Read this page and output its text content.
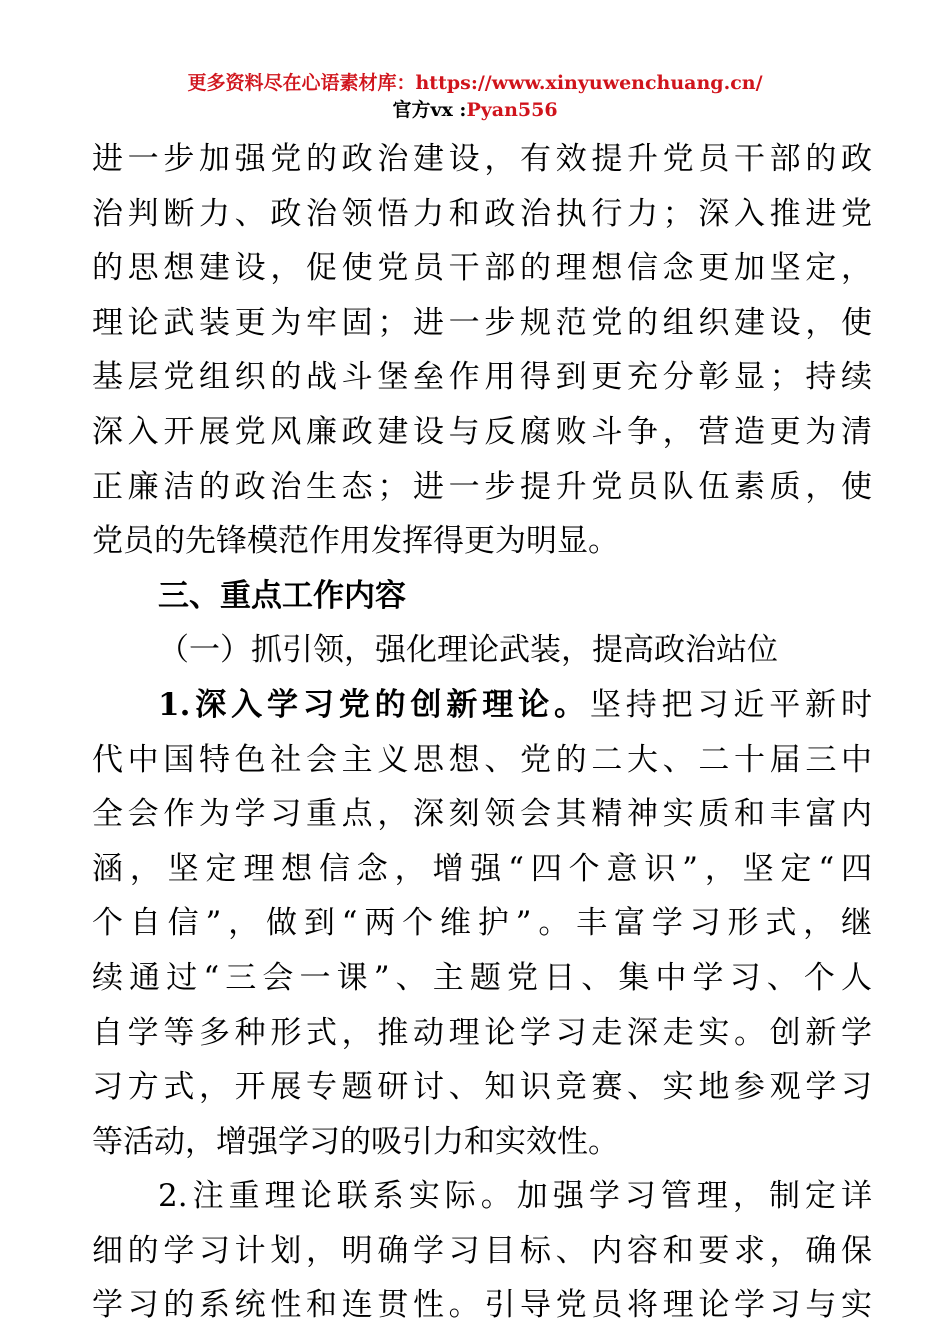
更多资料尽在心语素材库：https://www.xinyuwenchuang.cn/
官方vx :Pyan556
进一步加强党的政治建设，有效提升党员干部的政
治判断力、政治领悟力和政治执行力；深入推进党
的思想建设，促使党员干部的理想信念更加坚定，
理论武装更为牢固；进一步规范党的组织建设，使
基层党组织的战斗堡垒作用得到更充分彰显；持续
深入开展党风廉政建设与反腐败斗争，营造更为清
正廉洁的政治生态；进一步提升党员队伍素质，使
党员的先锋模范作用发挥得更为明显。
三、重点工作内容
（一）抓引领，强化理论武装，提高政治站位
1.深入学习党的创新理论。坚持把习近平新时
代中国特色社会主义思想、党的二大、二十届三中
全会作为学习重点，深刻领会其精神实质和丰富内
涵，坚定理想信念，增强“四个意识”，坚定“四
个自信”，做到“两个维护”。丰富学习形式，继
续通过“三会一课”、主题党日、集中学习、个人
自学等多种形式，推动理论学习走深走实。创新学
习方式，开展专题研讨、知识竞赛、实地参观学习
等活动，增强学习的吸引力和实效性。
2.注重理论联系实际。加强学习管理，制定详
细的学习计划，明确学习目标、内容和要求，确保
学习的系统性和连贯性。引导党员将理论学习与实
